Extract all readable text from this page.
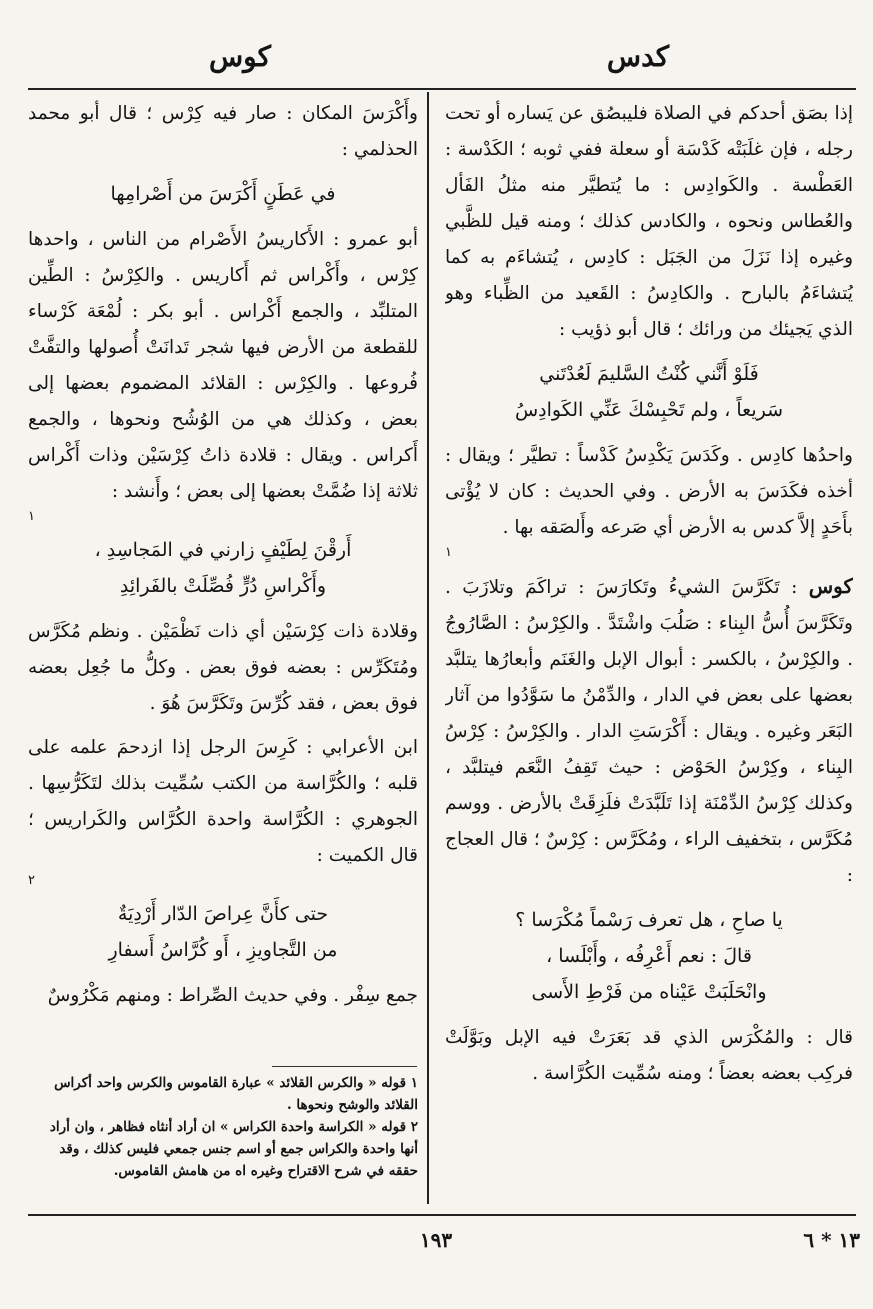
كدس
كوس

إذا بصَق أحدكم في الصلاة فليبصُق عن يَساره أو تحت رجله ، فإن غلَبَتْه كَدْسَة أو سعلة ففي ثوبه ؛ الكَدْسة : العَطْسة . والكَوادِس : ما يُتطيَّر منه مثلُ الفَأل والعُطاس ونحوه ، والكادس كذلك ؛ ومنه قيل للظَّبي وغيره إذا نَزَلَ من الجَبَل : كادِس ، يُتشاءَم به كما يُتشاءَمُ بالبارح . والكادِسُ : القَعيد من الظِّباء وهو الذي يَجيئك من ورائك ؛ قال أبو ذؤيب :

فَلَوْ أَنَّني كُنْتُ السَّليمَ لَعُدْتَني
سَريعاً ، ولم تَحْبِسْكَ عَنِّي الكَوادِسُ

واحدُها كادِس . وكَدَسَ يَكْدِسُ كَدْساً : تطيَّر ؛ ويقال : أخذه فكَدَسَ به الأرض . وفي الحديث : كان لا يُؤْتى بأَحَدٍ إلاَّ كدس به الأرض أي صَرعه وأَلصَقه بها .
١

كوس : تَكَرَّسَ الشيءُ وتَكارَسَ : تراكَمَ وتلازَبَ . وتَكَرَّسَ أُسُّ البِناء : صَلُبَ واشْتَدَّ . والكِرْسُ : الصَّارُوجُ . والكِرْسُ ، بالكسر : أبوال الإبل والغَنَم وأبعارُها يتلبَّد بعضها على بعض في الدار ، والدِّمْنُ ما سَوَّدُوا من آثار البَعَر وغيره . ويقال : أَكْرَسَتِ الدار . والكِرْسُ : كِرْسُ البِناء ، وكِرْسُ الحَوْض : حيث تَقِفُ النَّعَم فيتلبَّد ، وكذلك كِرْسُ الدِّمْنَة إذا تَلَبَّدَتْ فلَزِقَتْ بالأرض . ووسم مُكَرَّس ، بتخفيف الراء ، ومُكَرَّس : كِرْسٌ ؛ قال العجاج :

يا صاحِ ، هل تعرف رَسْماً مُكْرَسا ؟
قالَ : نعم أَعْرِفُه ، وأَبْلَسا ،
وانْحَلَبَتْ عَيْناه من فَرْطِ الأَسى

قال : والمُكْرَس الذي قد بَعَرَتْ فيه الإبل وبَوَّلَتْ فركِب بعضه بعضاً ؛ ومنه سُمِّيت الكُرَّاسة .

وأَكْرَسَ المكان : صار فيه كِرْس ؛ قال أبو محمد الحذلمي :

في عَطَنٍ أَكْرَسَ من أَصْرامِها

أبو عمرو : الأَكاريسُ الأَصْرام من الناس ، واحدها كِرْس ، وأَكْراس ثم أَكاريس . والكِرْسُ : الطِّين المتلبِّد ، والجمع أَكْراس . أبو بكر : لُمْعَة كَرْساء للقطعة من الأرض فيها شجر تَدانَتْ أُصولها والتفَّتْ فُروعها . والكِرْس : القلائد المضموم بعضها إلى بعض ، وكذلك هي من الوُشُح ونحوها ، والجمع أَكراس . ويقال : قلادة ذاتُ كِرْسَيْن وذات أَكْراس ثلاثة إذا ضُمَّتْ بعضها إلى بعض ؛ وأَنشد :
١

أَرقْنَ لِطَيْفٍ زارني في المَجاسِدِ ،
وأَكْراسِ دُرٍّ فُصِّلَتْ بالفَرائِدِ

وقلادة ذات كِرْسَيْن أي ذات نَظْمَيْن . ونظم مُكَرَّس ومُتَكَرِّس : بعضه فوق بعض . وكلُّ ما جُعِل بعضه فوق بعض ، فقد كُرِّسَ وتَكَرَّسَ هُوَ .

ابن الأعرابي : كَرِسَ الرجل إذا ازدحمَ علمه على قلبه ؛ والكُرَّاسة من الكتب سُمِّيت بذلك لتَكَرُّسِها . الجوهري : الكُرَّاسة واحدة الكُرَّاس والكَراريس ؛ قال الكميت :
٢

حتى كأَنَّ عِراصَ الدّار أَرْدِيَةٌ
من التَّجاويزِ ، أَو كُرَّاسُ أَسفارِ

جمع سِفْر . وفي حديث الصِّراط : ومنهم مَكْرُوسٌ

١ قوله « والكرس القلائد » عبارة القاموس والكرس واحد أكراس القلائد والوشح ونحوها .

٢ قوله « الكراسة واحدة الكراس » ان أراد أنثاه فظاهر ، وان أراد أنها واحدة والكراس جمع أو اسم جنس جمعي فليس كذلك ، وقد حققه في شرح الاقتراح وغيره اه من هامش القاموس.

١٩٣	١٣ * ٦
